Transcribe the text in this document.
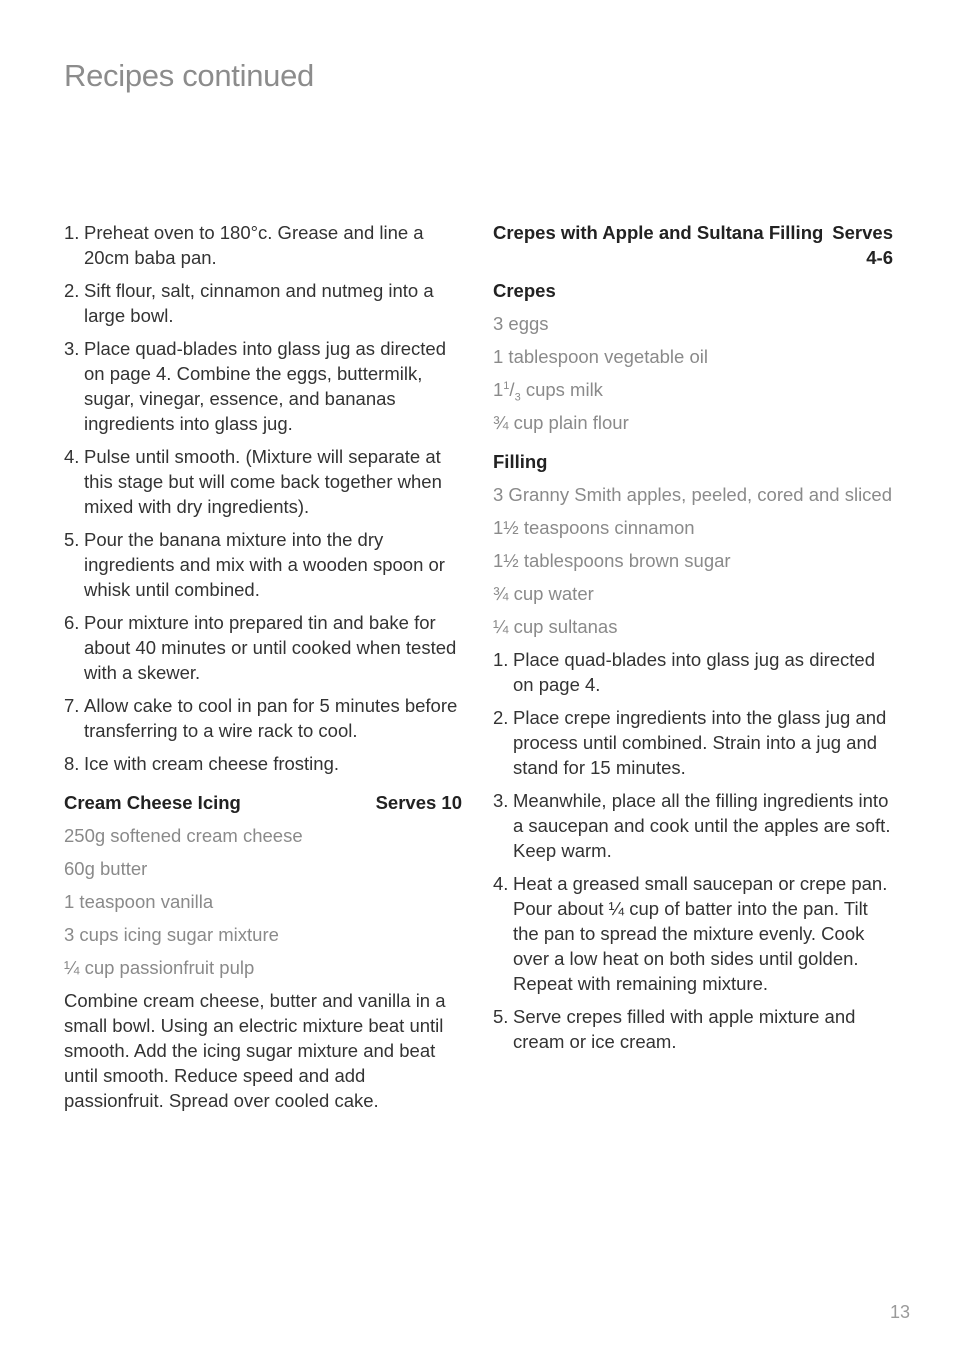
Recipes continued
1. Preheat oven to 180°c. Grease and line a 20cm baba pan.
2. Sift flour, salt, cinnamon and nutmeg into a large bowl.
3. Place quad-blades into glass jug as directed on page 4. Combine the eggs, buttermilk, sugar, vinegar, essence, and bananas ingredients into glass jug.
4. Pulse until smooth. (Mixture will separate at this stage but will come back together when mixed with dry ingredients).
5. Pour the banana mixture into the dry ingredients and mix with a wooden spoon or whisk until combined.
6. Pour mixture into prepared tin and bake for about 40 minutes or until cooked when tested with a skewer.
7. Allow cake to cool in pan for 5 minutes before transferring to a wire rack to cool.
8. Ice with cream cheese frosting.
Cream Cheese Icing	Serves 10
250g softened cream cheese
60g butter
1 teaspoon vanilla
3 cups icing sugar mixture
¼ cup passionfruit pulp

Combine cream cheese, butter and vanilla in a small bowl. Using an electric mixture beat until smooth. Add the icing sugar mixture and beat until smooth. Reduce speed and add passionfruit. Spread over cooled cake.

Crepes with Apple and Sultana Filling Serves
4-6
Crepes
3 eggs
1 tablespoon vegetable oil
$1^1/_3$ cups milk
¾ cup plain flour
Filling
3 Granny Smith apples, peeled, cored and sliced
1½ teaspoons cinnamon
1½ tablespoons brown sugar
¾ cup water
¼ cup sultanas
1. Place quad-blades into glass jug as directed on page 4.
2. Place crepe ingredients into the glass jug and process until combined. Strain into a jug and stand for 15 minutes.
3. Meanwhile, place all the filling ingredients into a saucepan and cook until the apples are soft. Keep warm.
4. Heat a greased small saucepan or crepe pan. Pour about ¼ cup of batter into the pan. Tilt the pan to spread the mixture evenly. Cook over a low heat on both sides until golden. Repeat with remaining mixture.
5. Serve crepes filled with apple mixture and cream or ice cream.
13
